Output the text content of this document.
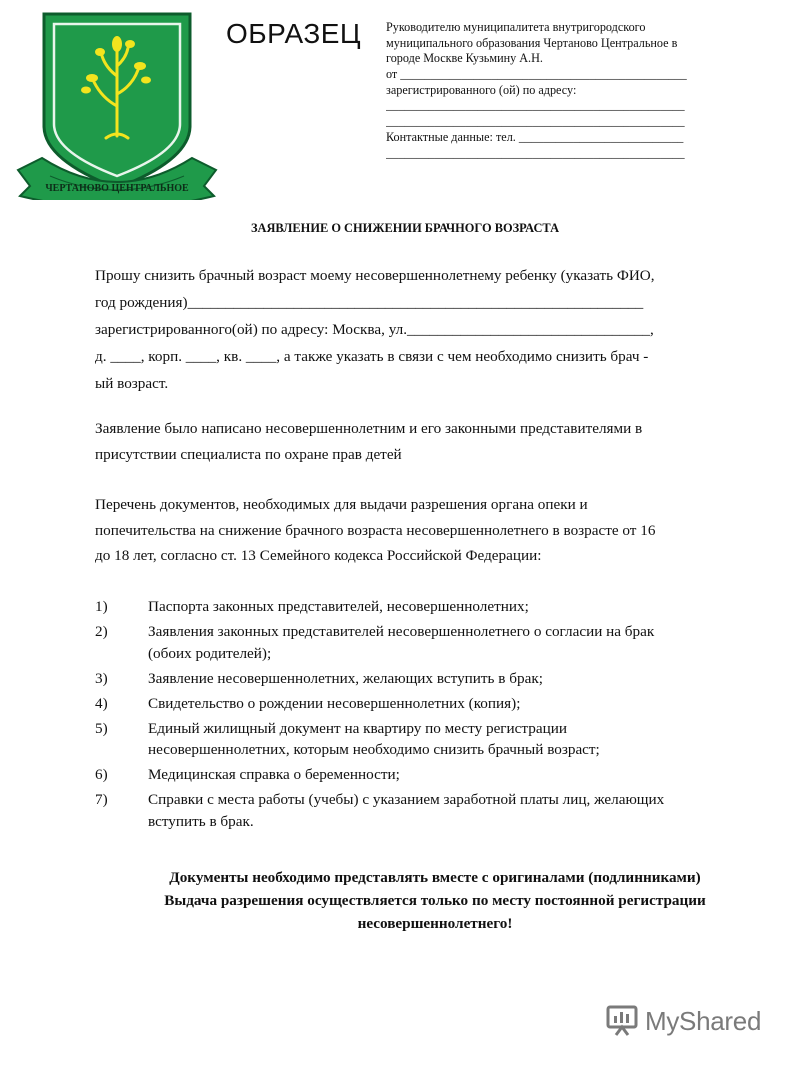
ЧЕРТАНОВО ЦЕНТРАЛЬНОЕ
ОБРАЗЕЦ Руководителю муниципалитета внутригородского
муниципального образования Чертаново Центральное в
городе Москве Кузьмину А.Н.
от _______________________________________________
зарегистрированного (ой) по адресу:
_________________________________________________
_________________________________________________
Контактные данные: тел. ___________________________
_________________________________________________
ЗАЯВЛЕНИЕ О СНИЖЕНИИ БРАЧНОГО ВОЗРАСТА
Прошу снизить брачный возраст моему несовершеннолетнему ребенку (указать ФИО,
год рождения)____________________________________________________________
зарегистрированного(ой) по адресу: Москва, ул.________________________________,
д. ____, корп. ____, кв. ____, а также указать в связи с чем необходимо снизить брач -
ый возраст.
Заявление было написано несовершеннолетним и его законными представителями в
присутствии специалиста по охране прав детей
Перечень документов, необходимых для выдачи разрешения органа опеки и
попечительства на снижение брачного возраста несовершеннолетнего в возрасте от 16
до 18 лет, согласно ст. 13 Семейного кодекса Российской Федерации:
1)	Паспорта законных представителей, несовершеннолетних;
2)	Заявления законных представителей несовершеннолетнего о согласии на брак
(обоих родителей);
3)	Заявление несовершеннолетних, желающих вступить в брак;
4)	Свидетельство о рождении несовершеннолетних (копия);
5)	Единый жилищный документ на квартиру по месту регистрации
несовершеннолетних, которым необходимо снизить брачный возраст;
6)	Медицинская справка о беременности;
7)	Справки с места работы (учебы) с указанием заработной платы лиц, желающих
вступить в брак.
Документы необходимо представлять вместе с оригиналами (подлинниками)
Выдача разрешения осуществляется только по месту постоянной регистрации
несовершеннолетнего!
MyShared
